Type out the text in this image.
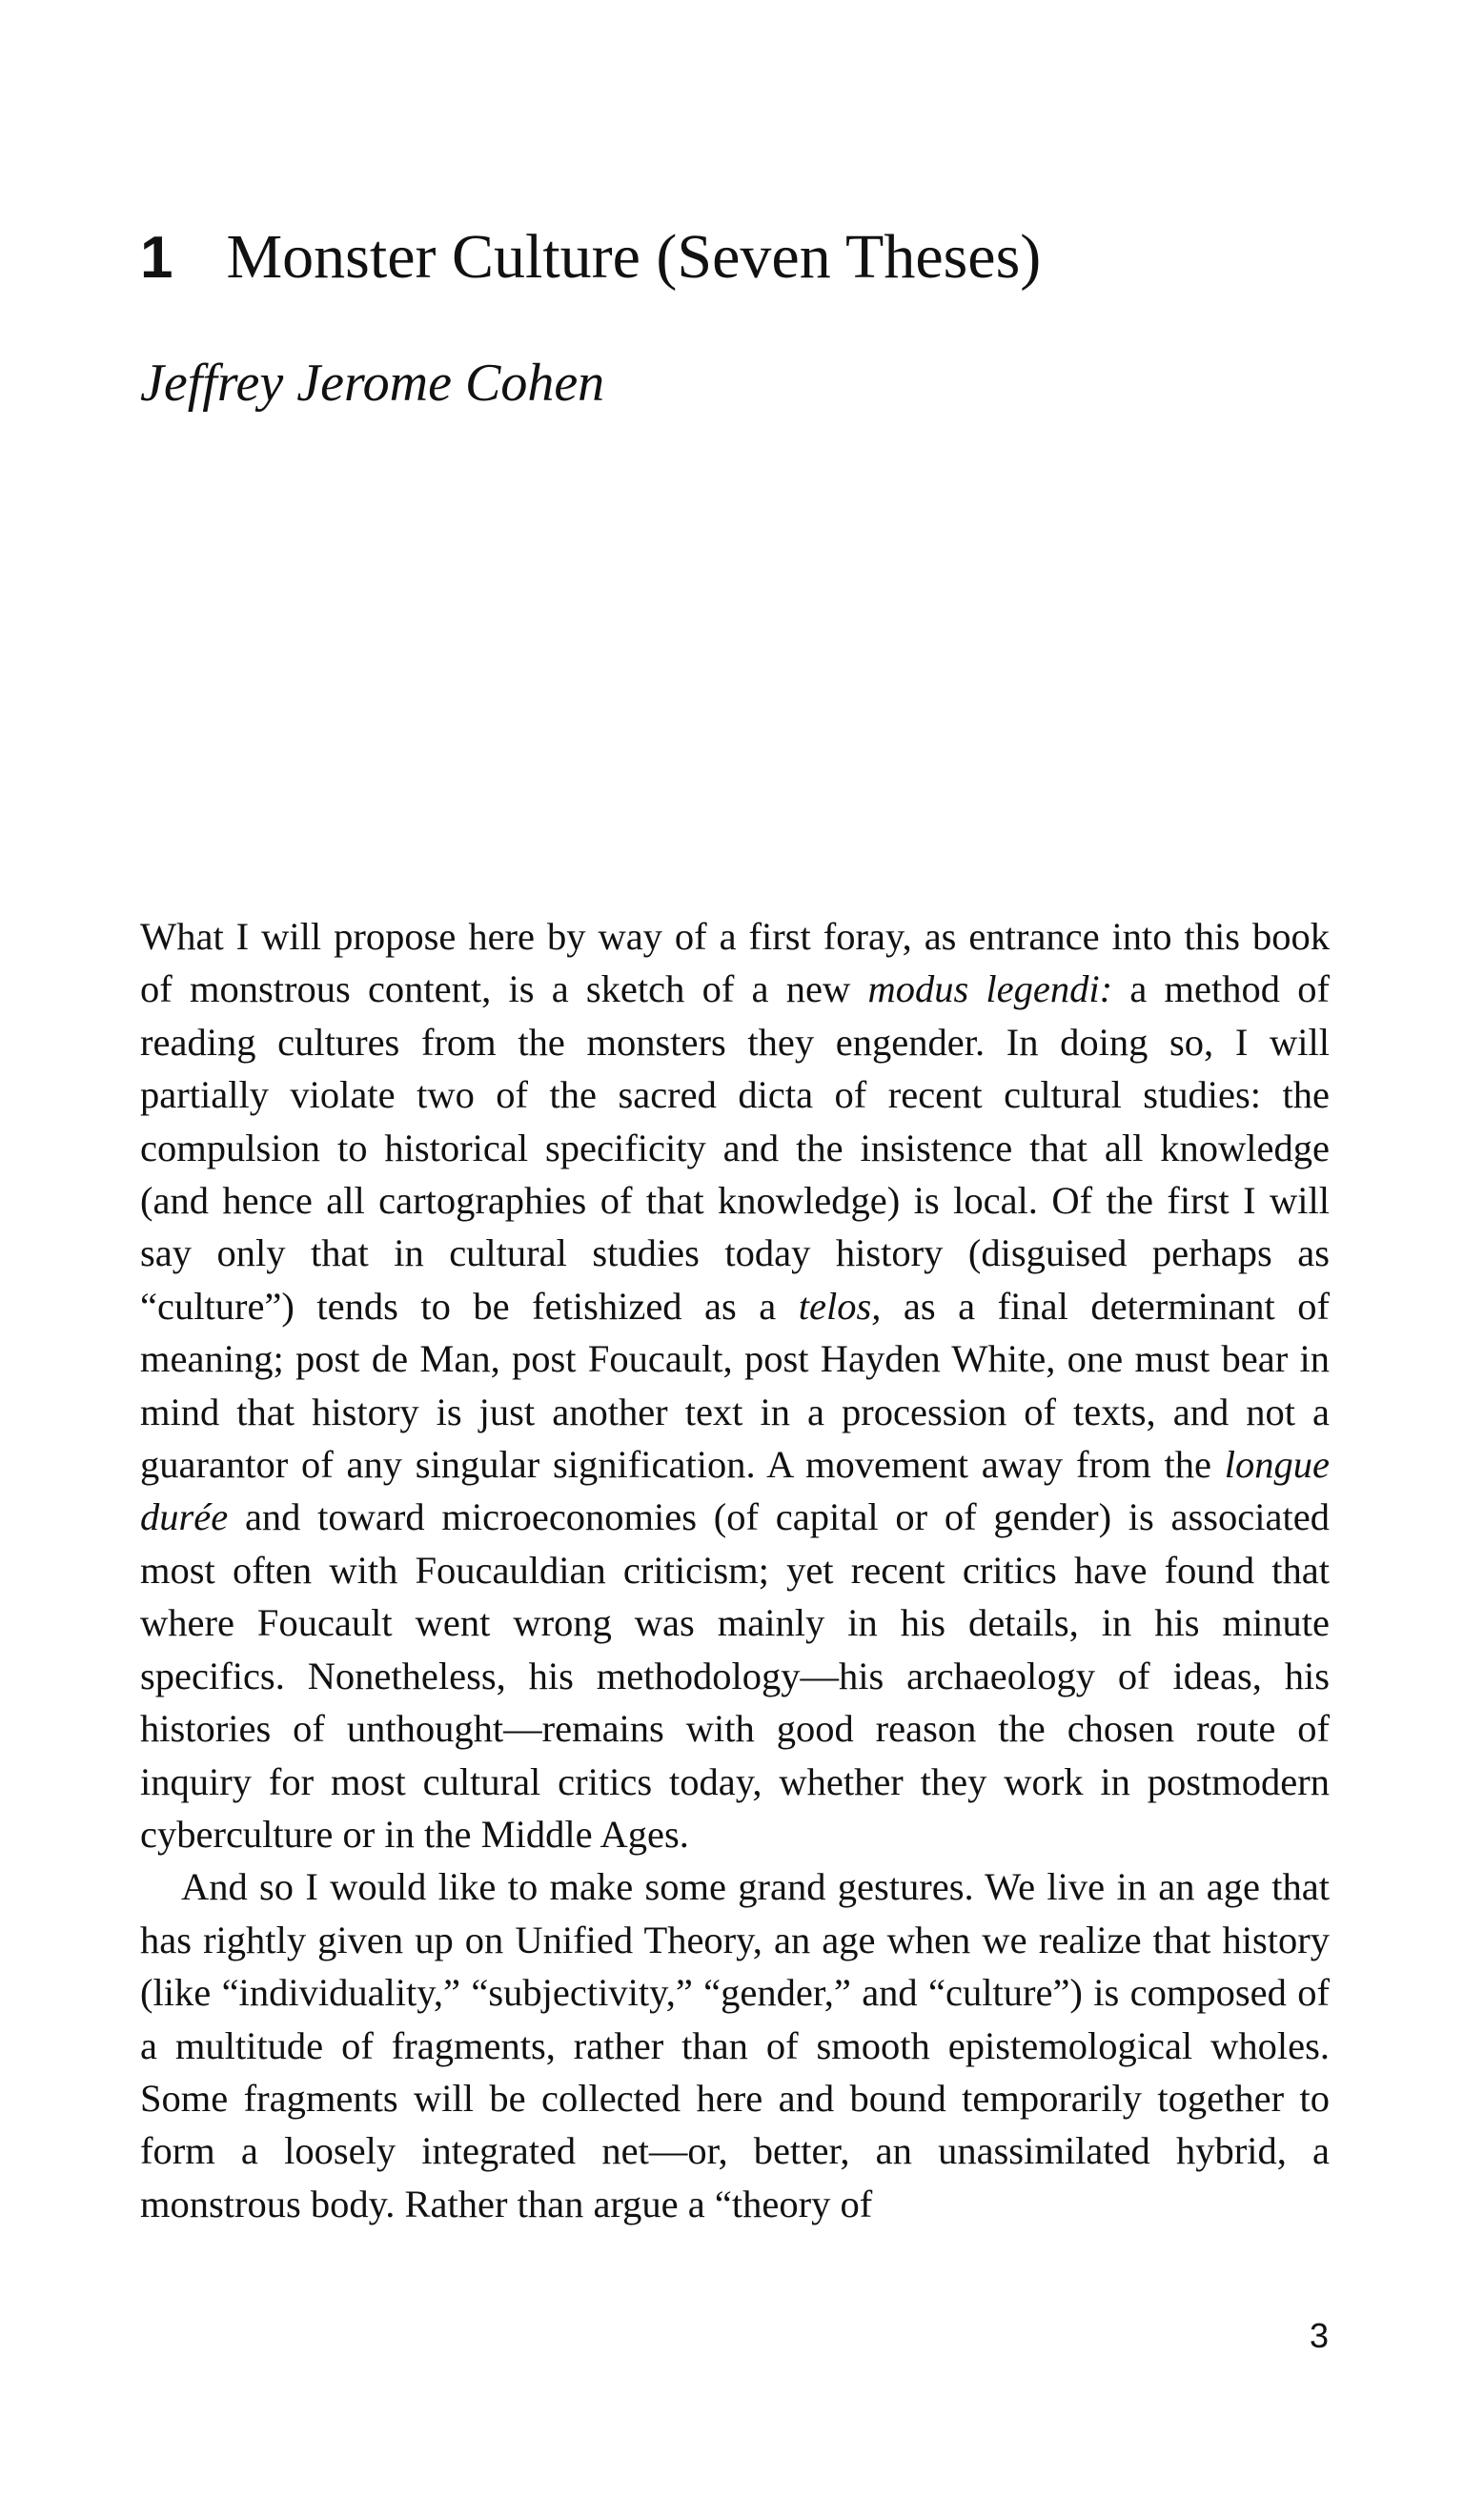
1 Monster Culture (Seven Theses)
Jeffrey Jerome Cohen

What I will propose here by way of a first foray, as entrance into this book of monstrous content, is a sketch of a new modus legendi: a method of reading cultures from the monsters they engender. In doing so, I will partially violate two of the sacred dicta of recent cultural studies: the compulsion to historical specificity and the insistence that all knowledge (and hence all cartographies of that knowledge) is local. Of the first I will say only that in cultural studies today history (disguised perhaps as “culture”) tends to be fetishized as a telos, as a final determinant of meaning; post de Man, post Foucault, post Hayden White, one must bear in mind that history is just another text in a procession of texts, and not a guarantor of any singular signification. A movement away from the longue durée and toward microeconomies (of capital or of gender) is associated most often with Foucauldian criticism; yet recent critics have found that where Foucault went wrong was mainly in his details, in his minute specifics. Nonetheless, his methodology—his archaeology of ideas, his histories of unthought—remains with good reason the chosen route of inquiry for most cultural critics today, whether they work in postmodern cyberculture or in the Middle Ages.

And so I would like to make some grand gestures. We live in an age that has rightly given up on Unified Theory, an age when we realize that history (like “individuality,” “subjectivity,” “gender,” and “culture”) is composed of a multitude of fragments, rather than of smooth epistemological wholes. Some fragments will be collected here and bound temporarily together to form a loosely integrated net—or, better, an unassimilated hybrid, a monstrous body. Rather than argue a “theory of

3
